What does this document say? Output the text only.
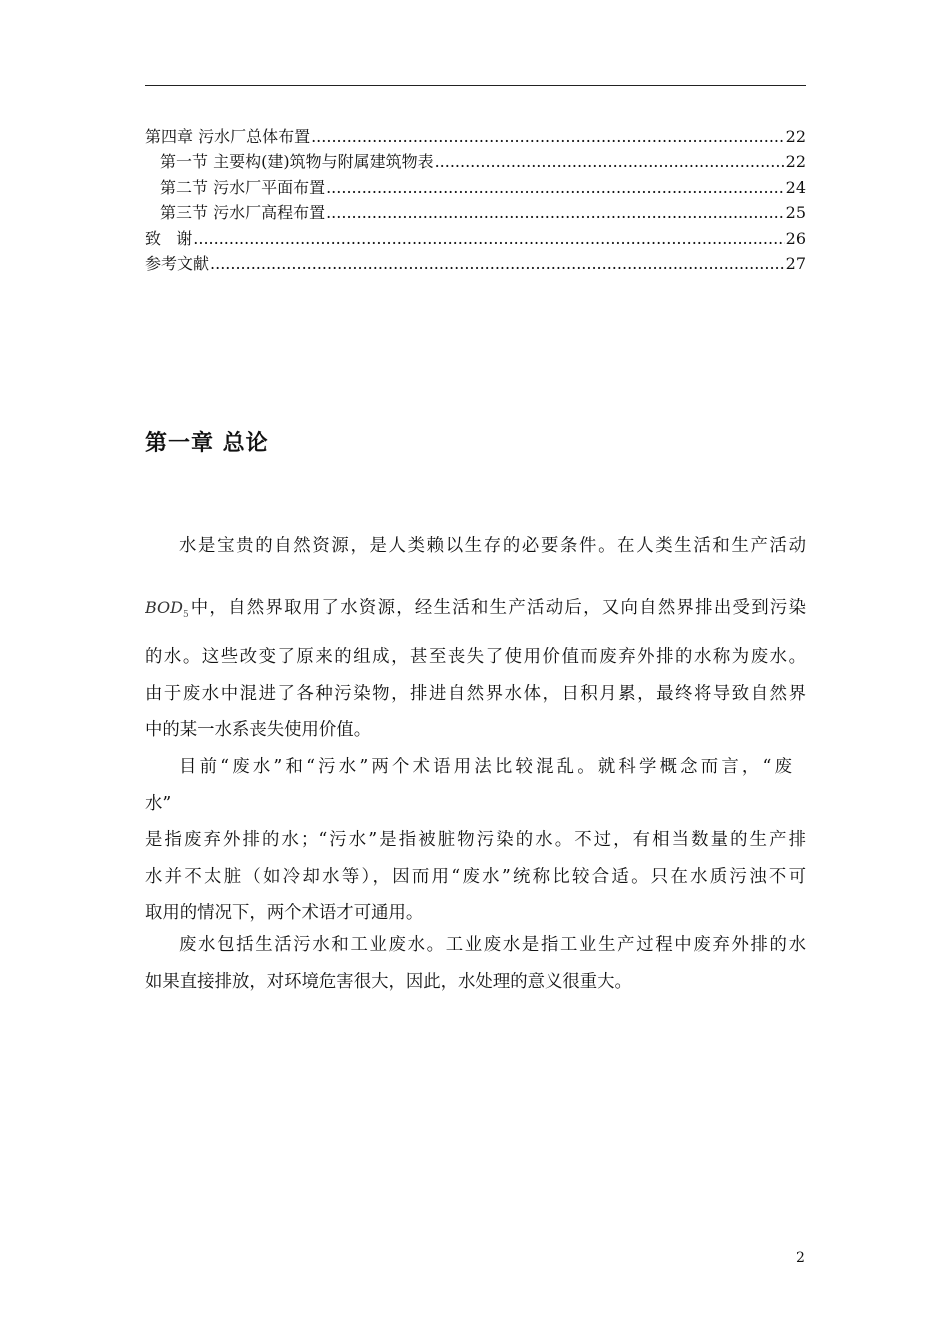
第四章 污水厂总体布置 .....	22
第一节 主要构(建)筑物与附属建筑物表 .....	22
第二节 污水厂平面布置 .....	24
第三节 污水厂高程布置 .....	25
致   谢 .....	26
参考文献 .....	27
第一章 总论
水是宝贵的自然资源，是人类赖以生存的必要条件。在人类生活和生产活动
$BOD_5$ 中，自然界取用了水资源，经生活和生产活动后，又向自然界排出受到污染
的水。这些改变了原来的组成，甚至丧失了使用价值而废弃外排的水称为废水。
由于废水中混进了各种污染物，排进自然界水体，日积月累，最终将导致自然界
中的某一水系丧失使用价值。
目前“废水”和“污水”两个术语用法比较混乱。就科学概念而言，“废
水”
是指废弃外排的水；“污水”是指被脏物污染的水。不过，有相当数量的生产排
水并不太脏（如冷却水等），因而用“废水”统称比较合适。只在水质污浊不可
取用的情况下，两个术语才可通用。
废水包括生活污水和工业废水。工业废水是指工业生产过程中废弃外排的水
如果直接排放，对环境危害很大，因此，水处理的意义很重大。
2
